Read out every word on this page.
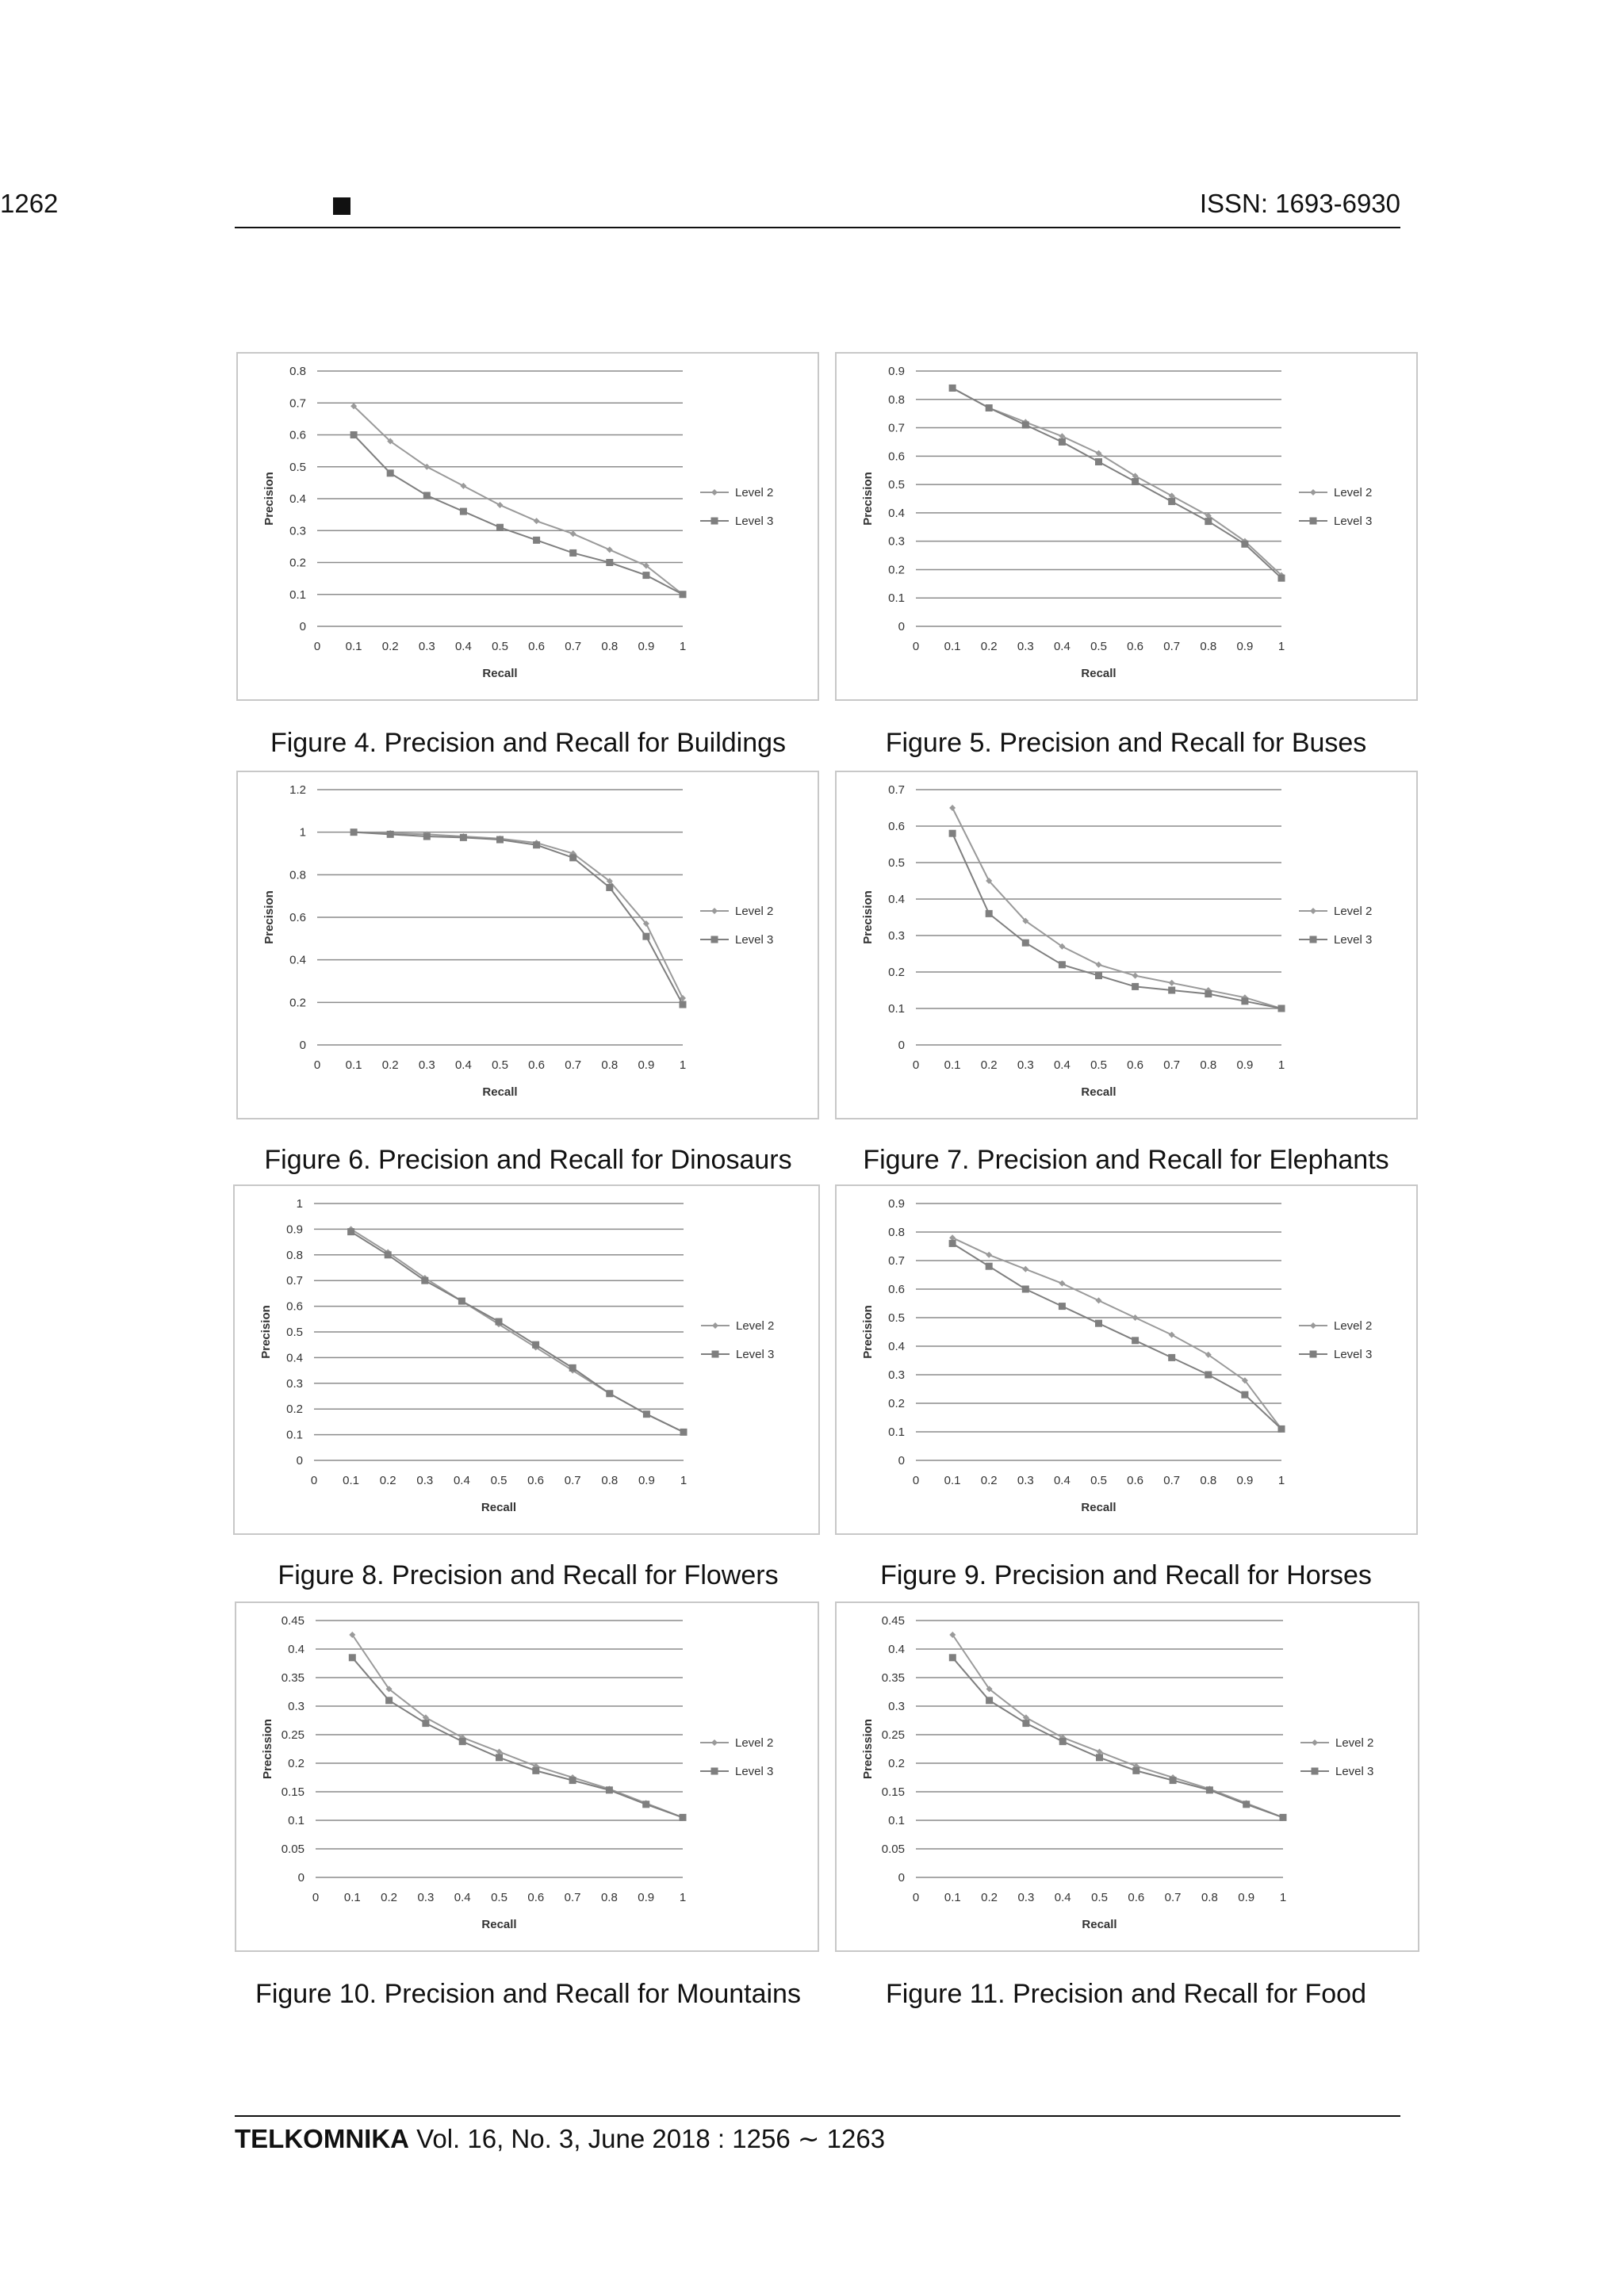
1262	ISSN: 1693-6930
0
0.1
0.2
0.3
0.4
0.5
0.6
0.7
0.8
0 0.1 0.2 0.3 0.4 0.5 0.6 0.7 0.8 0.9 1
Recall
Precision	Level 2
Level 3
0
0.1
0.2
0.3
0.4
0.5
0.6
0.7
0.8
0.9
0 0.1 0.2 0.3 0.4 0.5 0.6 0.7 0.8 0.9 1
Recall
Precision	Level 2
Level 3
0
0.2
0.4
0.6
0.8
1
1.2
0 0.1 0.2 0.3 0.4 0.5 0.6 0.7 0.8 0.9 1
Recall
Precision	Level 2
Level 3
0
0.1
0.2
0.3
0.4
0.5
0.6
0.7
0 0.1 0.2 0.3 0.4 0.5 0.6 0.7 0.8 0.9 1
Recall
Precision	Level 2
Level 3
0
0.1
0.2
0.3
0.4
0.5
0.6
0.7
0.8
0.9
1
0 0.1 0.2 0.3 0.4 0.5 0.6 0.7 0.8 0.9 1
Recall
Precision	Level 2
Level 3
0
0.1
0.2
0.3
0.4
0.5
0.6
0.7
0.8
0.9
0 0.1 0.2 0.3 0.4 0.5 0.6 0.7 0.8 0.9 1
Recall
Precision	Level 2
Level 3
0
0.05
0.1
0.15
0.2
0.25
0.3
0.35
0.4
0.45
0 0.1 0.2 0.3 0.4 0.5 0.6 0.7 0.8 0.9 1
Recall
Precission	Level 2
Level 3
0
0.05
0.1
0.15
0.2
0.25
0.3
0.35
0.4
0.45
0 0.1 0.2 0.3 0.4 0.5 0.6 0.7 0.8 0.9 1
Recall
Precission	Level 2
Level 3
Figure 4. Precision and Recall for Buildings	Figure 5. Precision and Recall for Buses
Figure 6. Precision and Recall for Dinosaurs	Figure 7. Precision and Recall for Elephants
Figure 8. Precision and Recall for Flowers	Figure 9. Precision and Recall for Horses
Figure 10. Precision and Recall for Mountains	Figure 11. Precision and Recall for Food
TELKOMNIKA Vol. 16, No. 3, June 2018 : 1256 ∼ 1263
